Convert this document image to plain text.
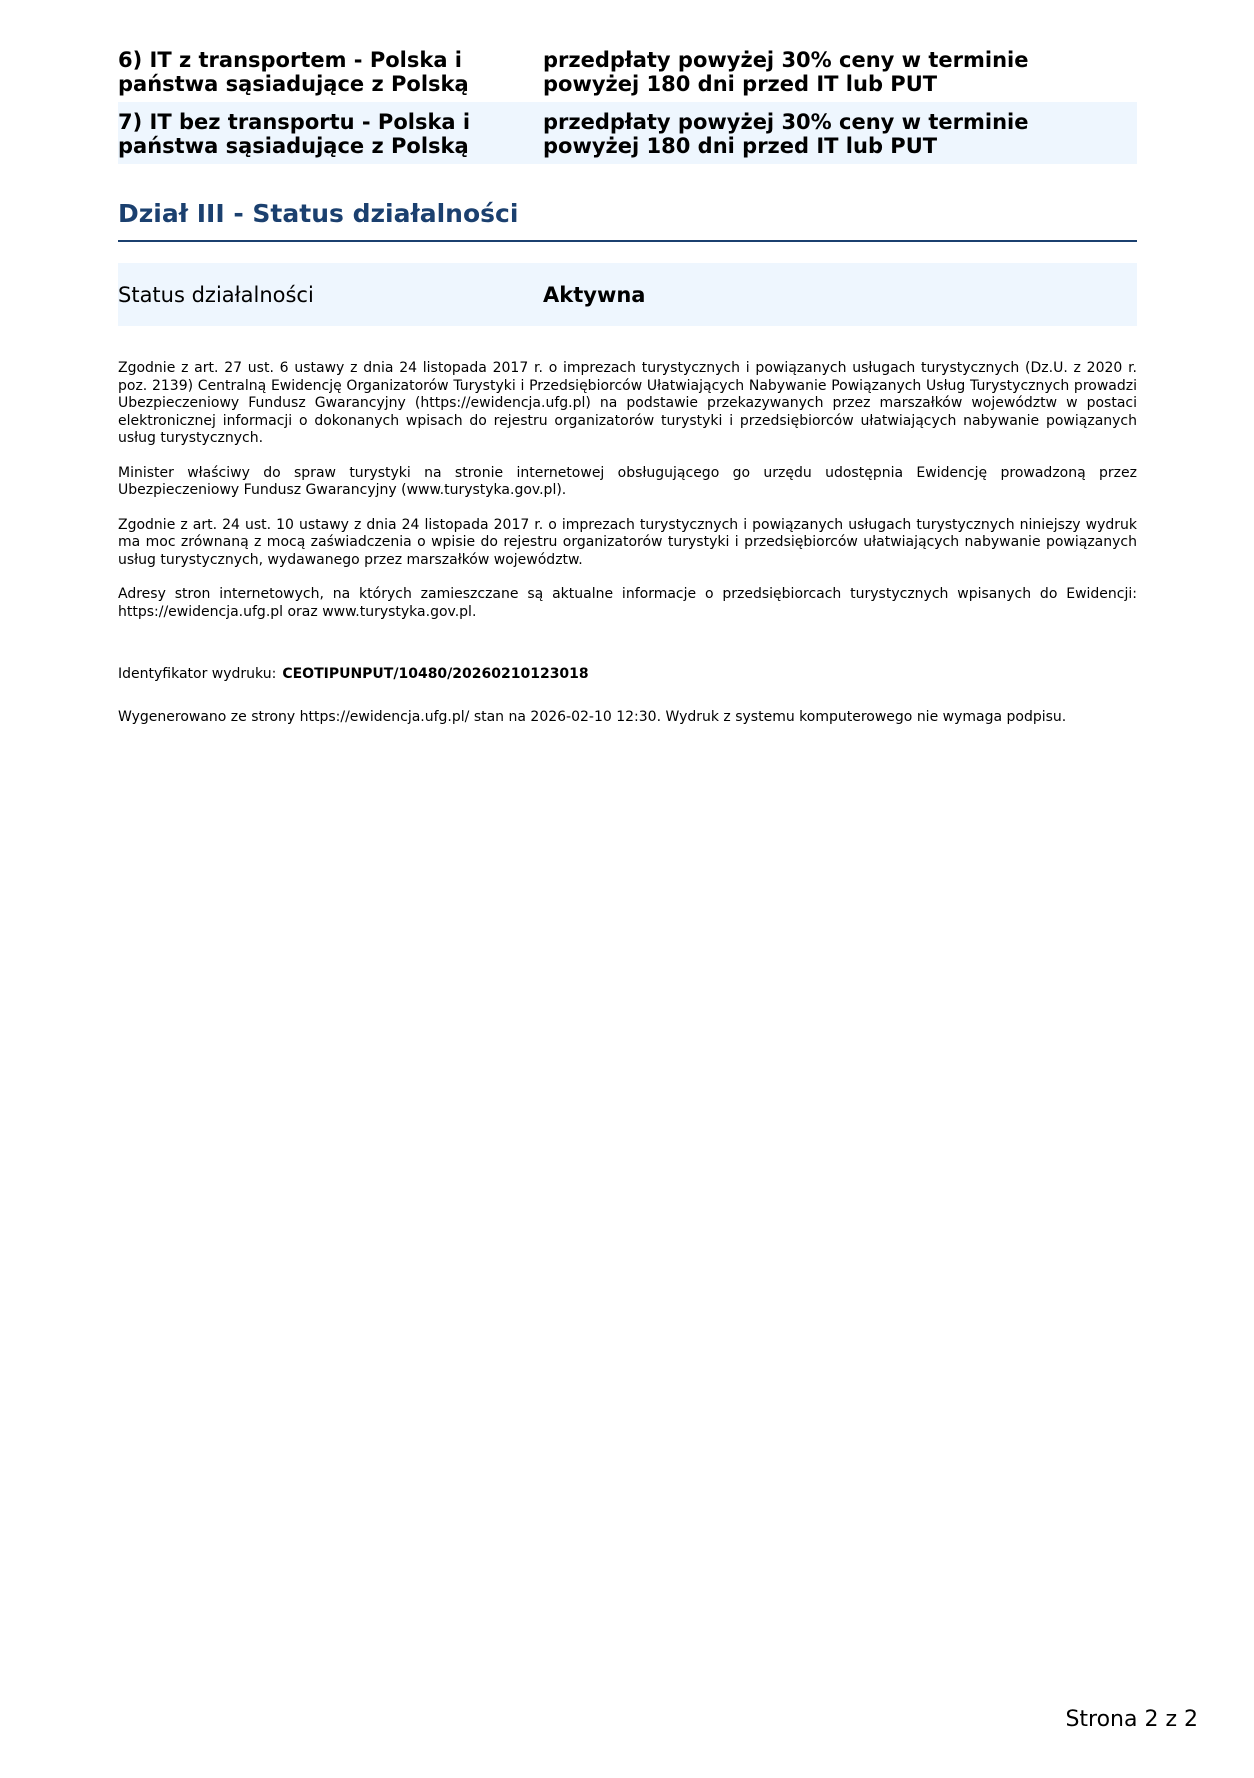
6) IT z transportem - Polska i
państwa sąsiadujące z Polską
przedpłaty powyżej 30% ceny w terminie
powyżej 180 dni przed IT lub PUT
7) IT bez transportu - Polska i
państwa sąsiadujące z Polską
przedpłaty powyżej 30% ceny w terminie
powyżej 180 dni przed IT lub PUT
Dział III - Status działalności
Status działalności	Aktywna

Zgodnie z art. 27 ust. 6 ustawy z dnia 24 listopada 2017 r. o imprezach turystycznych i powiązanych usługach turystycznych (Dz.U. z 2020 r. poz. 2139) Centralną Ewidencję Organizatorów Turystyki i Przedsiębiorców Ułatwiających Nabywanie Powiązanych Usług Turystycznych prowadzi Ubezpieczeniowy Fundusz Gwarancyjny (https://ewidencja.ufg.pl) na podstawie przekazywanych przez marszałków województw w postaci elektronicznej informacji o dokonanych wpisach do rejestru organizatorów turystyki i przedsiębiorców ułatwiających nabywanie powiązanych usług turystycznych.

Minister właściwy do spraw turystyki na stronie internetowej obsługującego go urzędu udostępnia Ewidencję prowadzoną przez Ubezpieczeniowy Fundusz Gwarancyjny (www.turystyka.gov.pl).

Zgodnie z art. 24 ust. 10 ustawy z dnia 24 listopada 2017 r. o imprezach turystycznych i powiązanych usługach turystycznych niniejszy wydruk ma moc zrównaną z mocą zaświadczenia o wpisie do rejestru organizatorów turystyki i przedsiębiorców ułatwiających nabywanie powiązanych usług turystycznych, wydawanego przez marszałków województw.

Adresy stron internetowych, na których zamieszczane są aktualne informacje o przedsiębiorcach turystycznych wpisanych do Ewidencji: https://ewidencja.ufg.pl oraz www.turystyka.gov.pl.

Identyfikator wydruku: CEOTIPUNPUT/10480/20260210123018
Wygenerowano ze strony https://ewidencja.ufg.pl/ stan na 2026-02-10 12:30. Wydruk z systemu komputerowego nie wymaga podpisu.
Strona 2 z 2
